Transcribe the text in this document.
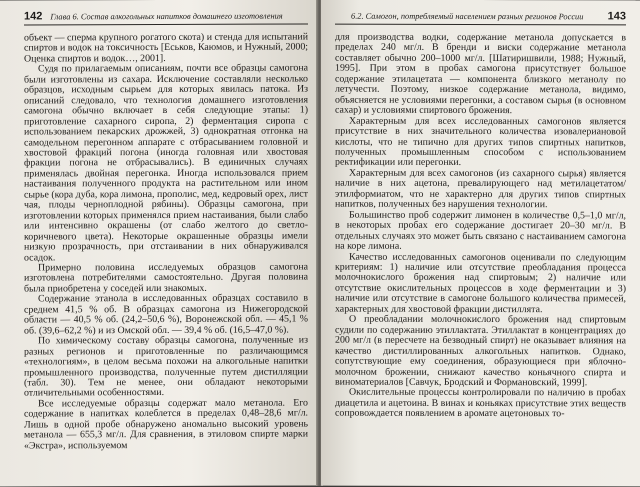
142 Глава 6. Состав алкогольных напитков домашнего изготовления

объект — сперма крупного рогатого скота) и стенда для испытаний спиртов и водок на токсичность [Еськов, Каюмов, и Нужный, 2000; Оценка спиртов и водок…, 2001].

Судя по прилагаемым описаниям, почти все образцы самогона были изготовлены из сахара. Исключение составляли несколько образцов, исходным сырьем для которых явилась патока. Из описаний следовало, что технология домашнего изготовления самогона обычно включает в себя следующие этапы: 1) приготовление сахарного сиропа, 2) ферментация сиропа с использованием пекарских дрожжей, 3) однократная отгонка на самодельном перегонном аппарате с отбрасыванием головной и хвостовой фракций погона (иногда головная или хвостовая фракции погона не отбрасывались). В единичных случаях применялась двойная перегонка. Иногда использовался прием настаивания полученного продукта на растительном или ином сырье (кора дуба, кора лимона, прополис, мед, кедровый орех, лист чая, плоды черноплодной рябины). Образцы самогона, при изготовлении которых применялся прием настаивания, были слабо или интенсивно окрашены (от слабо желтого до светло-коричневого цвета). Некоторые окрашенные образцы имели низкую прозрачность, при отстаивании в них обнаруживался осадок.

Примерно половина исследуемых образцов самогона изготовлена потребителями самостоятельно. Другая половина была приобретена у соседей или знакомых.

Содержание этанола в исследованных образцах составило в среднем 41,5 % об. В образцах самогона из Нижегородской области — 40,5 % об. (24,2–50,6 %), Воронежской обл. — 45,1 % об. (39,6–62,2 %) и из Омской обл. — 39,4 % об. (16,5–47,0 %).

По химическому составу образцы самогона, полученные из разных регионов и приготовленные по различающимся «технологиям», в целом весьма похожи на алкогольные напитки промышленного производства, полученные путем дистилляции (табл. 30). Тем не менее, они обладают некоторыми отличительными особенностями.

Все исследуемые образцы содержат мало метанола. Его содержание в напитках колеблется в пределах 0,48–28,6 мг/л. Лишь в одной пробе обнаружено аномально высокий уровень метанола — 655,3 мг/л. Для сравнения, в этиловом спирте марки «Экстра», используемом

6.2. Самогон, потребляемый населением разных регионов России 143

для производства водки, содержание метанола допускается в пределах 240 мг/л. В бренди и виски содержание метанола составляет обычно 200–1000 мг/л. [Шатиришвили, 1988; Нужный, 1995]. При этом в пробах самогона присутствует большое содержание этилацетата — компонента близкого метанолу по летучести. Поэтому, низкое содержание метанола, видимо, объясняется не условиями перегонки, а составом сырья (в основном сахар) и условиями спиртового брожения.

Характерным для всех исследованных самогонов является присутствие в них значительного количества изовалериановой кислоты, что не типично для других типов спиртных напитков, полученных промышленным способом с использованием ректификации или перегонки.

Характерным для всех самогонов (из сахарного сырья) является наличие в них ацетона, превалирующего над метилацетатом/этилформиатом, что не характерно для других типов спиртных напитков, полученных без нарушения технологии.

Большинство проб содержит лимонен в количестве 0,5–1,0 мг/л, в некоторых пробах его содержание достигает 20–30 мг/л. В отдельных случаях это может быть связано с настаиванием самогона на коре лимона.

Качество исследованных самогонов оценивали по следующим критериям: 1) наличие или отсутствие преобладания процесса молочнокислого брожения над спиртовым; 2) наличие или отсутствие окислительных процессов в ходе ферментации и 3) наличие или отсутствие в самогоне большого количества примесей, характерных для хвостовой фракции дистиллята.

О преобладании молочнокислого брожения над спиртовым судили по содержанию этиллактата. Этиллактат в концентрациях до 200 мг/л (в пересчете на безводный спирт) не оказывает влияния на качество дистиллированных алкогольных напитков. Однако, сопутствующие ему соединения, образующиеся при яблочно-молочном брожении, снижают качество коньячного спирта и виноматериалов [Савчук, Бродский и Формановский, 1999].

Окислительные процессы контролировали по наличию в пробах диацетила и ацетоина. В винах и коньяках присутствие этих веществ сопровождается появлением в аромате ацетоновых то-
